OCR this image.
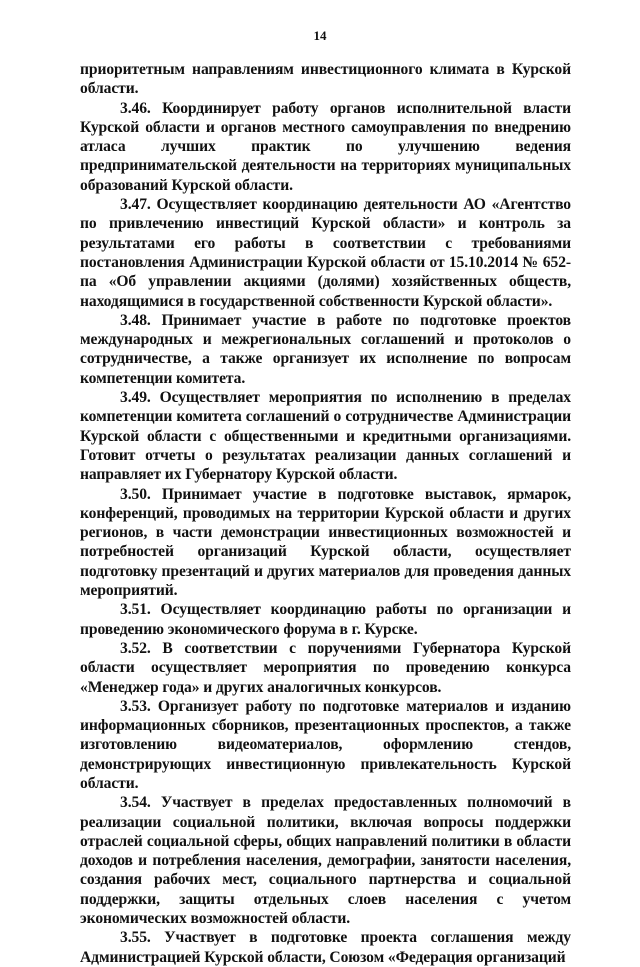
14

приоритетным направлениям инвестиционного климата в Курской области.

3.46. Координирует работу органов исполнительной власти Курской области и органов местного самоуправления по внедрению атласа лучших практик по улучшению ведения предпринимательской деятельности на территориях муниципальных образований Курской области.

3.47. Осуществляет координацию деятельности АО «Агентство по привлечению инвестиций Курской области» и контроль за результатами его работы в соответствии с требованиями постановления Администрации Курской области от 15.10.2014 № 652-па «Об управлении акциями (долями) хозяйственных обществ, находящимися в государственной собственности Курской области».

3.48. Принимает участие в работе по подготовке проектов международных и межрегиональных соглашений и протоколов о сотрудничестве, а также организует их исполнение по вопросам компетенции комитета.

3.49. Осуществляет мероприятия по исполнению в пределах компетенции комитета соглашений о сотрудничестве Администрации Курской области с общественными и кредитными организациями. Готовит отчеты о результатах реализации данных соглашений и направляет их Губернатору Курской области.

3.50. Принимает участие в подготовке выставок, ярмарок, конференций, проводимых на территории Курской области и других регионов, в части демонстрации инвестиционных возможностей и потребностей организаций Курской области, осуществляет подготовку презентаций и других материалов для проведения данных мероприятий.

3.51. Осуществляет координацию работы по организации и проведению экономического форума в г. Курске.

3.52. В соответствии с поручениями Губернатора Курской области осуществляет мероприятия по проведению конкурса «Менеджер года» и других аналогичных конкурсов.

3.53. Организует работу по подготовке материалов и изданию информационных сборников, презентационных проспектов, а также изготовлению видеоматериалов, оформлению стендов, демонстрирующих инвестиционную привлекательность Курской области.

3.54. Участвует в пределах предоставленных полномочий в реализации социальной политики, включая вопросы поддержки отраслей социальной сферы, общих направлений политики в области доходов и потребления населения, демографии, занятости населения, создания рабочих мест, социального партнерства и социальной поддержки, защиты отдельных слоев населения с учетом экономических возможностей области.

3.55. Участвует в подготовке проекта соглашения между Администрацией Курской области, Союзом «Федерация организаций
